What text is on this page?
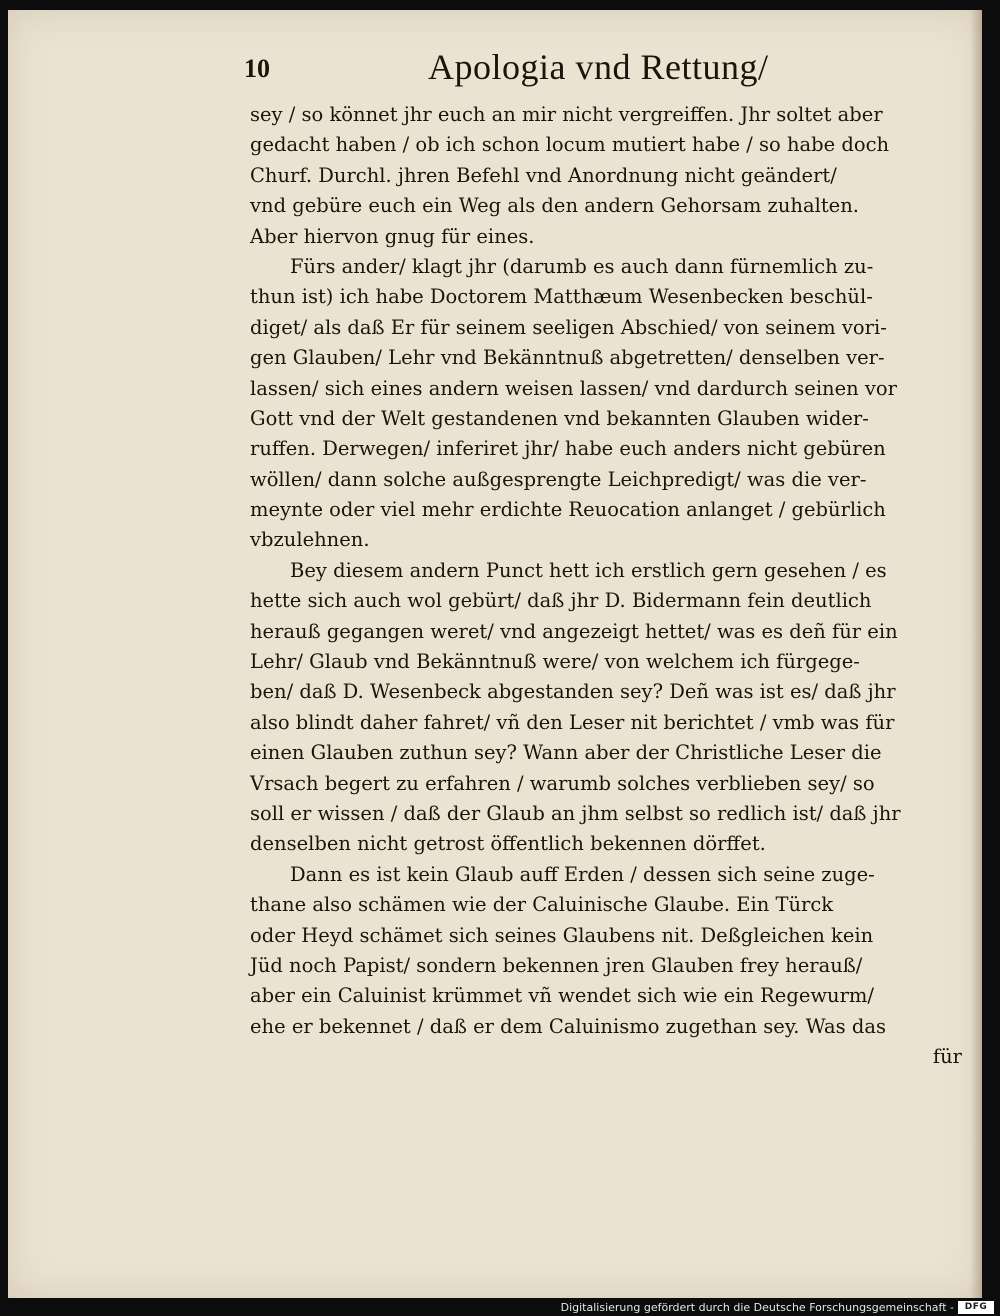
10	Apologia vnd Rettung/

sey / so könnet jhr euch an mir nicht vergreiffen. Jhr soltet aber
gedacht haben / ob ich schon locum mutiert habe / so habe doch
Churf. Durchl. jhren Befehl vnd Anordnung nicht geändert/
vnd gebüre euch ein Weg als den andern Gehorsam zuhalten.
Aber hiervon gnug für eines.
Fürs ander/ klagt jhr (darumb es auch dann fürnemlich zu-
thun ist) ich habe Doctorem Matthæum Wesenbecken beschül-
diget/ als daß Er für seinem seeligen Abschied/ von seinem vori-
gen Glauben/ Lehr vnd Bekänntnuß abgetretten/ denselben ver-
lassen/ sich eines andern weisen lassen/ vnd dardurch seinen vor
Gott vnd der Welt gestandenen vnd bekannten Glauben wider-
ruffen. Derwegen/ inferiret jhr/ habe euch anders nicht gebüren
wöllen/ dann solche außgesprengte Leichpredigt/ was die ver-
meynte oder viel mehr erdichte Reuocation anlanget / gebürlich
vbzulehnen.
Bey diesem andern Punct hett ich erstlich gern gesehen / es
hette sich auch wol gebürt/ daß jhr D. Bidermann fein deutlich
herauß gegangen weret/ vnd angezeigt hettet/ was es deñ für ein
Lehr/ Glaub vnd Bekänntnuß were/ von welchem ich fürgege-
ben/ daß D. Wesenbeck abgestanden sey? Deñ was ist es/ daß jhr
also blindt daher fahret/ vñ den Leser nit berichtet / vmb was für
einen Glauben zuthun sey? Wann aber der Christliche Leser die
Vrsach begert zu erfahren / warumb solches verblieben sey/ so
soll er wissen / daß der Glaub an jhm selbst so redlich ist/ daß jhr
denselben nicht getrost öffentlich bekennen dörffet.
Dann es ist kein Glaub auff Erden / dessen sich seine zuge-
thane also schämen wie der Caluinische Glaube. Ein Türck
oder Heyd schämet sich seines Glaubens nit. Deßgleichen kein
Jüd noch Papist/ sondern bekennen jren Glauben frey herauß/
aber ein Caluinist krümmet vñ wendet sich wie ein Regewurm/
ehe er bekennet / daß er dem Caluinismo zugethan sey. Was das
für
Digitalisierung gefördert durch die Deutsche Forschungsgemeinschaft -	DFG
